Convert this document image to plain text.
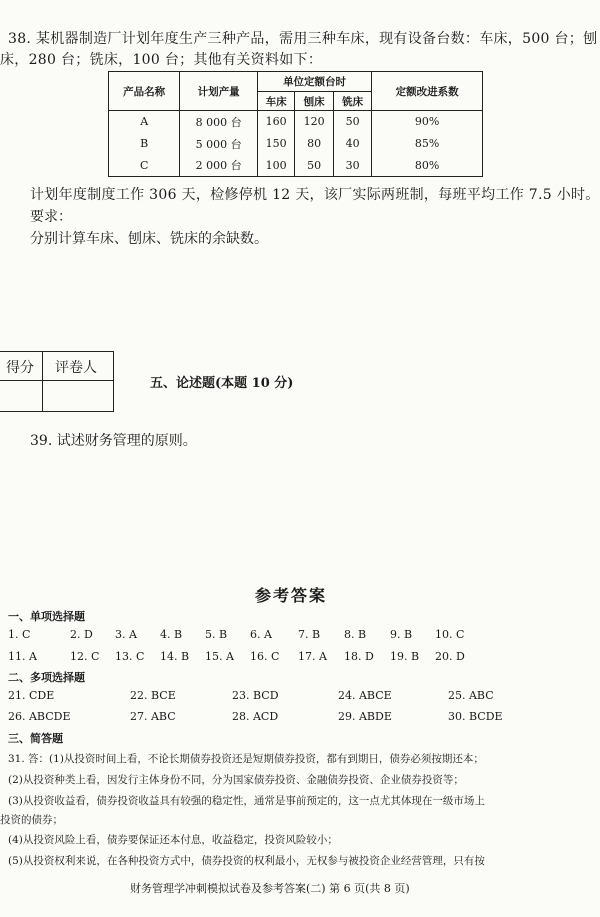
38. 某机器制造厂计划年度生产三种产品，需用三种车床，现有设备台数：车床，500 台；刨
床，280 台；铣床，100 台；其他有关资料如下：
产品名称	计划产量	单位定额台时			定额改进系数
		车床	刨床	铣床	
A	8 000 台	160	120	50	90%
B	5 000 台	150	80	40	85%
C	2 000 台	100	50	30	80%
计划年度制度工作 306 天，检修停机 12 天，该厂实际两班制，每班平均工作 7.5 小时。
要求：
分别计算车床、刨床、铣床的余缺数。
得分 评卷人
五、论述题(本题 10 分)
39. 试述财务管理的原则。
参考答案
一、单项选择题
1. C	2. D 3. A 4. B 5. B 6. A 7. B 8. B 9. B 10. C
11. A	12. C 13. C 14. B 15. A 16. C 17. A 18. D 19. B 20. D
二、多项选择题
21. CDE	22. BCE	23. BCD	24. ABCE	25. ABC
26. ABCDE	27. ABC	28. ACD	29. ABDE	30. BCDE
三、简答题
31. 答：(1)从投资时间上看，不论长期债券投资还是短期债券投资，都有到期日，债券必须按期还本；
(2)从投资种类上看，因发行主体身份不同，分为国家债券投资、金融债券投资、企业债券投资等；
(3)从投资收益看，债券投资收益具有较强的稳定性，通常是事前预定的，这一点尤其体现在一级市场上
投资的债券；
(4)从投资风险上看，债券要保证还本付息，收益稳定，投资风险较小；
(5)从投资权利来说，在各种投资方式中，债券投资的权利最小，无权参与被投资企业经营管理，只有按
财务管理学冲刺模拟试卷及参考答案(二) 第 6 页(共 8 页)
